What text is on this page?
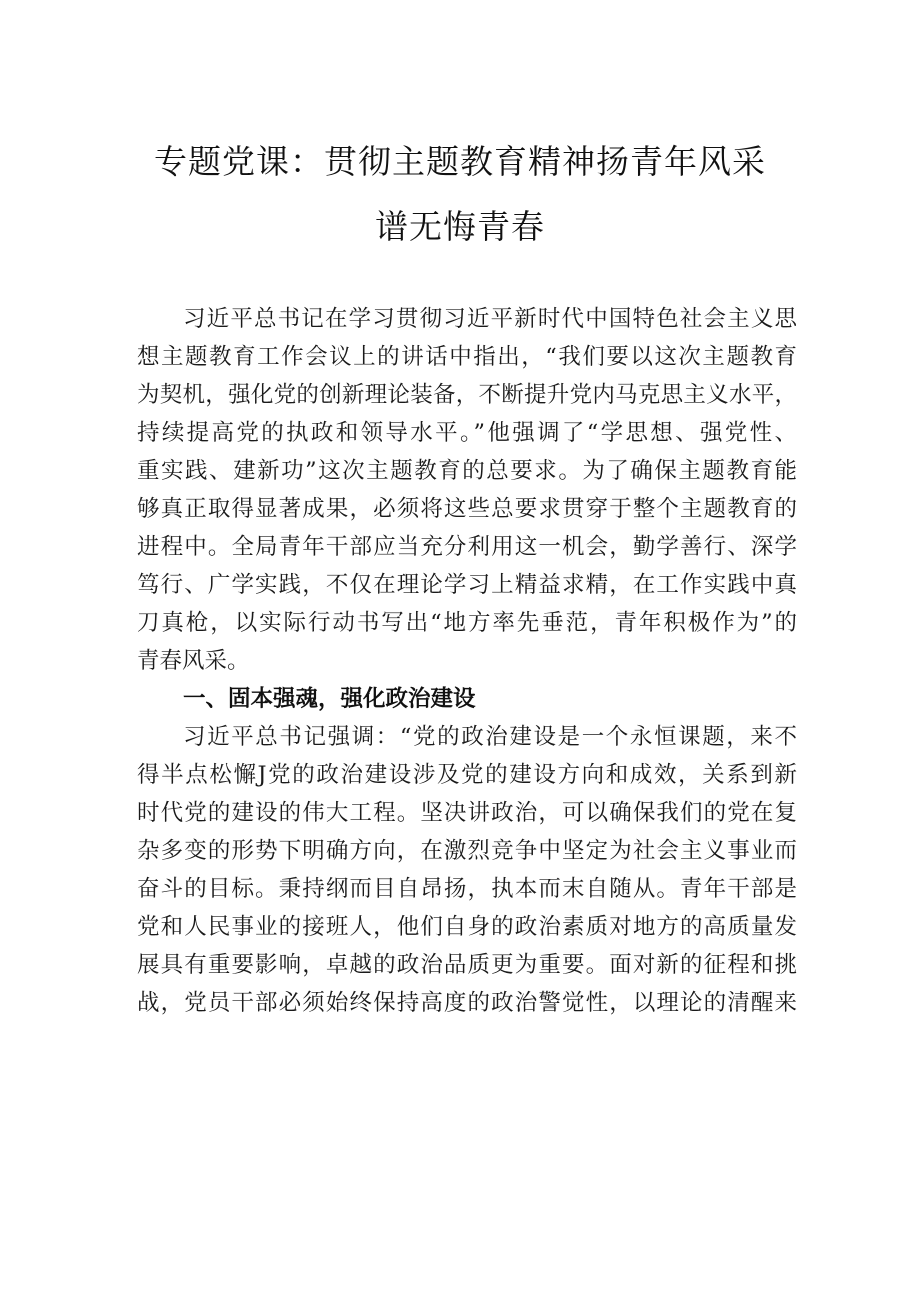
专题党课：贯彻主题教育精神扬青年风采
谱无悔青春
习近平总书记在学习贯彻习近平新时代中国特色社会主义思
想主题教育工作会议上的讲话中指出，“我们要以这次主题教育
为契机，强化党的创新理论装备，不断提升党内马克思主义水平，
持续提高党的执政和领导水平。”他强调了“学思想、强党性、
重实践、建新功”这次主题教育的总要求。为了确保主题教育能
够真正取得显著成果，必须将这些总要求贯穿于整个主题教育的
进程中。全局青年干部应当充分利用这一机会，勤学善行、深学
笃行、广学实践，不仅在理论学习上精益求精，在工作实践中真
刀真枪，以实际行动书写出“地方率先垂范，青年积极作为”的
青春风采。
一、固本强魂，强化政治建设
习近平总书记强调：“党的政治建设是一个永恒课题，来不
得半点松懈J党的政治建设涉及党的建设方向和成效，关系到新
时代党的建设的伟大工程。坚决讲政治，可以确保我们的党在复
杂多变的形势下明确方向，在激烈竞争中坚定为社会主义事业而
奋斗的目标。秉持纲而目自昂扬，执本而末自随从。青年干部是
党和人民事业的接班人，他们自身的政治素质对地方的高质量发
展具有重要影响，卓越的政治品质更为重要。面对新的征程和挑
战，党员干部必须始终保持高度的政治警觉性，以理论的清醒来
